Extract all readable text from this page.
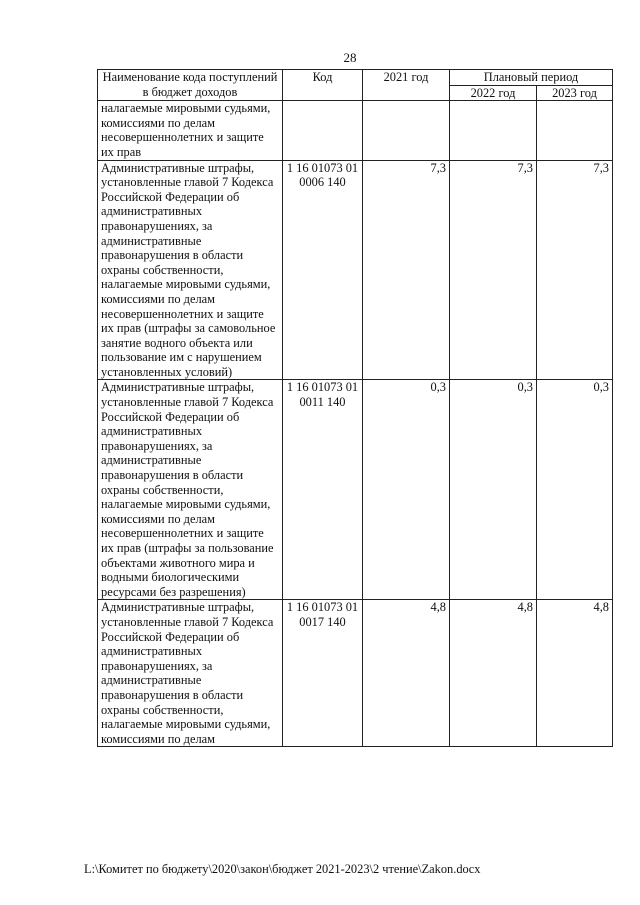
28
Наименование кода поступлений в бюджет доходов	Код	2021 год	Плановый период	
			2022 год	2023 год
налагаемые мировыми судьями, комиссиями по делам несовершеннолетних и защите их прав				
Административные штрафы, установленные главой 7 Кодекса Российской Федерации об административных правонарушениях, за административные правонарушения в области охраны собственности, налагаемые мировыми судьями, комиссиями по делам несовершеннолетних и защите их прав (штрафы за самовольное занятие водного объекта или пользование им с нарушением установленных условий)	1 16 01073 01 0006 140	7,3	7,3	7,3
Административные штрафы, установленные главой 7 Кодекса Российской Федерации об административных правонарушениях, за административные правонарушения в области охраны собственности, налагаемые мировыми судьями, комиссиями по делам несовершеннолетних и защите их прав (штрафы за пользование объектами животного мира и водными биологическими ресурсами без разрешения)	1 16 01073 01 0011 140	0,3	0,3	0,3
Административные штрафы, установленные главой 7 Кодекса Российской Федерации об административных правонарушениях, за административные правонарушения в области охраны собственности, налагаемые мировыми судьями, комиссиями по делам	1 16 01073 01 0017 140	4,8	4,8	4,8
L:\Комитет по бюджету\2020\закон\бюджет 2021-2023\2 чтение\Zakon.docx
